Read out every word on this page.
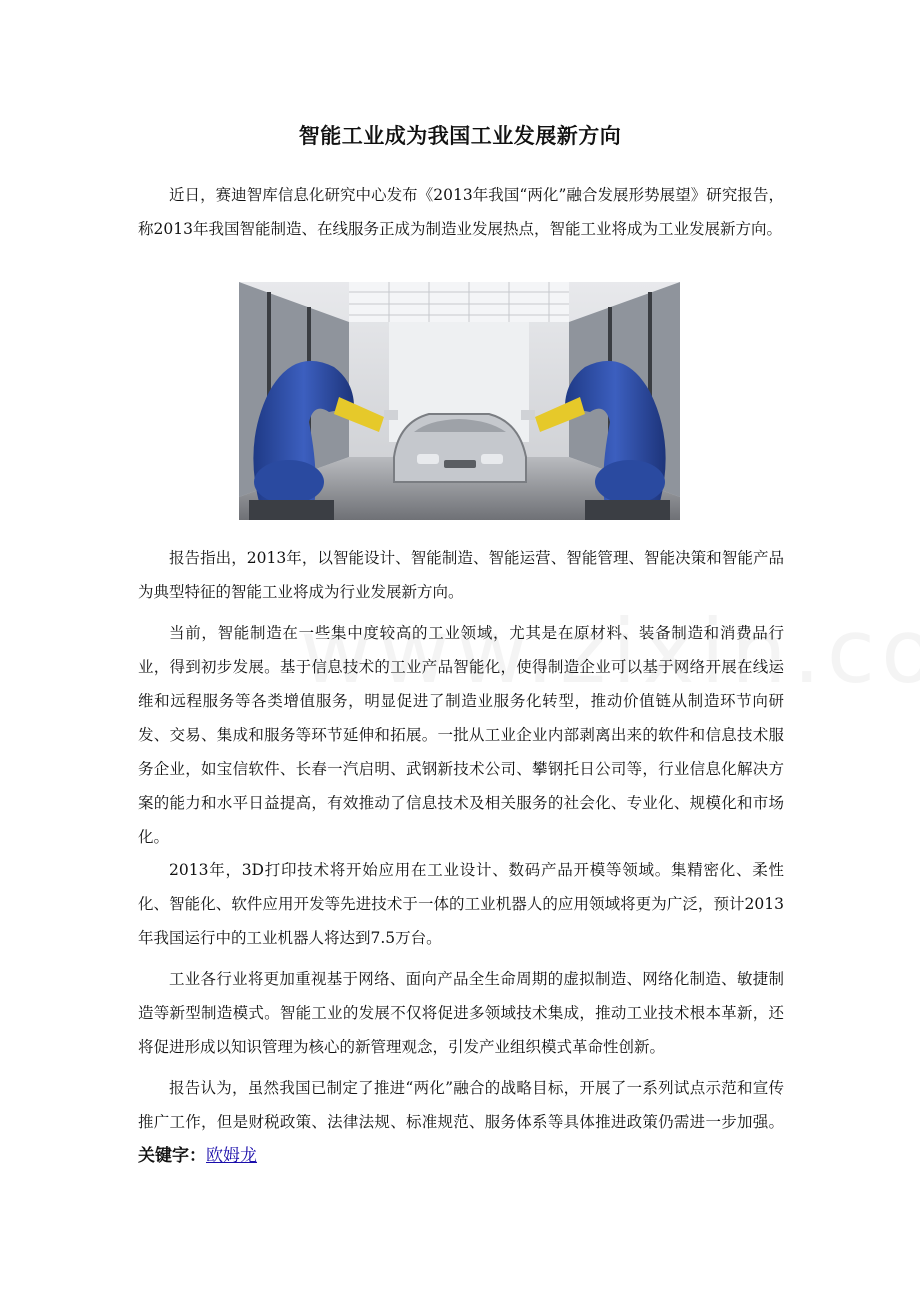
智能工业成为我国工业发展新方向

近日，赛迪智库信息化研究中心发布《2013年我国“两化”融合发展形势展望》研究报告，称2013年我国智能制造、在线服务正成为制造业发展热点，智能工业将成为工业发展新方向。

报告指出，2013年，以智能设计、智能制造、智能运营、智能管理、智能决策和智能产品为典型特征的智能工业将成为行业发展新方向。

当前，智能制造在一些集中度较高的工业领域，尤其是在原材料、装备制造和消费品行业，得到初步发展。基于信息技术的工业产品智能化，使得制造企业可以基于网络开展在线运维和远程服务等各类增值服务，明显促进了制造业服务化转型，推动价值链从制造环节向研发、交易、集成和服务等环节延伸和拓展。一批从工业企业内部剥离出来的软件和信息技术服务企业，如宝信软件、长春一汽启明、武钢新技术公司、攀钢托日公司等，行业信息化解决方案的能力和水平日益提高，有效推动了信息技术及相关服务的社会化、专业化、规模化和市场化。

2013年，3D打印技术将开始应用在工业设计、数码产品开模等领域。集精密化、柔性化、智能化、软件应用开发等先进技术于一体的工业机器人的应用领域将更为广泛，预计2013年我国运行中的工业机器人将达到7.5万台。

工业各行业将更加重视基于网络、面向产品全生命周期的虚拟制造、网络化制造、敏捷制造等新型制造模式。智能工业的发展不仅将促进多领域技术集成，推动工业技术根本革新，还将促进形成以知识管理为核心的新管理观念，引发产业组织模式革命性创新。

报告认为，虽然我国已制定了推进“两化”融合的战略目标，开展了一系列试点示范和宣传推广工作，但是财税政策、法律法规、标准规范、服务体系等具体推进政策仍需进一步加强。关键字：欧姆龙
